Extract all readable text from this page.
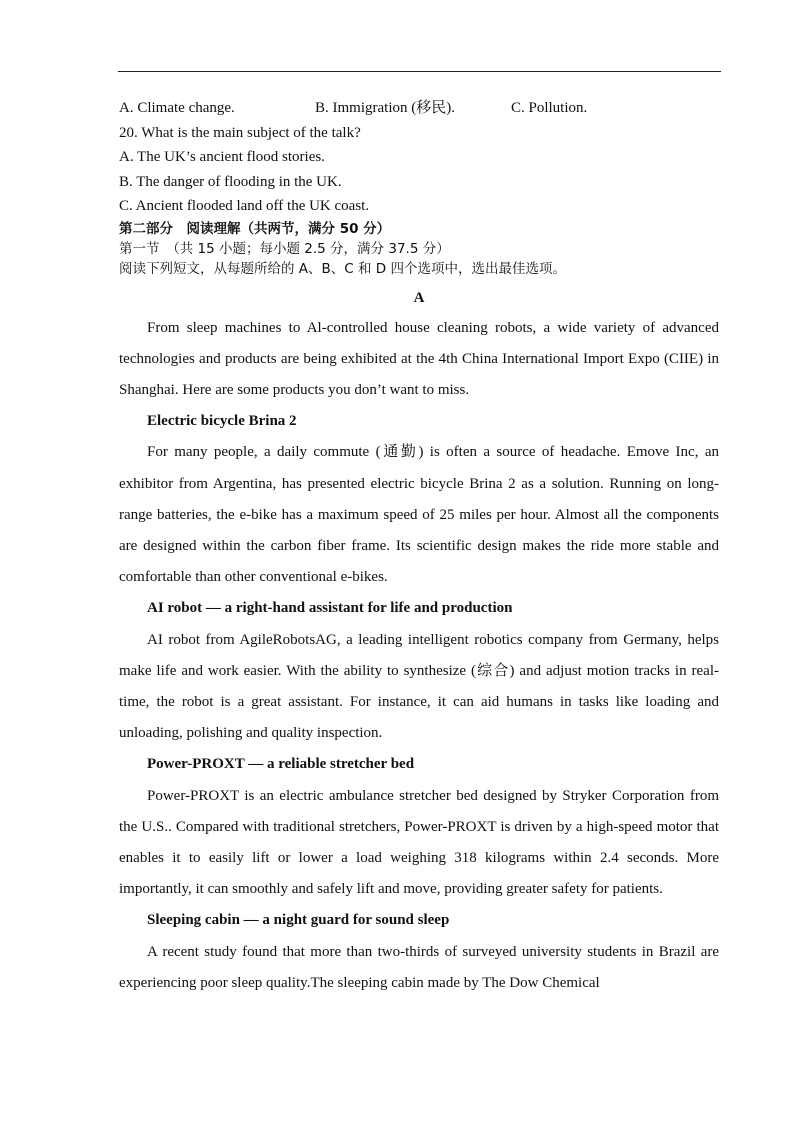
A. Climate change.	B. Immigration (移民).	C. Pollution.
20. What is the main subject of the talk?
A. The UK’s ancient flood stories.
B. The danger of flooding in the UK.
C. Ancient flooded land off the UK coast.
第二部分　阅读理解（共两节，满分 50 分）
第一节　（共 15 小题；每小题 2.5 分，满分 37.5 分）
阅读下列短文，从每题所给的 A、B、C 和 D 四个选项中，选出最佳选项。
A

From sleep machines to Al-controlled house cleaning robots, a wide variety of advanced technologies and products are being exhibited at the 4th China International Import Expo (CIIE) in Shanghai. Here are some products you don’t want to miss.

Electric bicycle Brina 2

For many people, a daily commute (通勤) is often a source of headache. Emove Inc, an exhibitor from Argentina, has presented electric bicycle Brina 2 as a solution. Running on long-range batteries, the e-bike has a maximum speed of 25 miles per hour. Almost all the components are designed within the carbon fiber frame. Its scientific design makes the ride more stable and comfortable than other conventional e-bikes.

AI robot — a right-hand assistant for life and production

AI robot from AgileRobotsAG, a leading intelligent robotics company from Germany, helps make life and work easier. With the ability to synthesize (综合) and adjust motion tracks in real-time, the robot is a great assistant. For instance, it can aid humans in tasks like loading and unloading, polishing and quality inspection.

Power-PROXT — a reliable stretcher bed

Power-PROXT is an electric ambulance stretcher bed designed by Stryker Corporation from the U.S.. Compared with traditional stretchers, Power-PROXT is driven by a high-speed motor that enables it to easily lift or lower a load weighing 318 kilograms within 2.4 seconds. More importantly, it can smoothly and safely lift and move, providing greater safety for patients.

Sleeping cabin — a night guard for sound sleep

A recent study found that more than two-thirds of surveyed university students in Brazil are experiencing poor sleep quality.The sleeping cabin made by The Dow Chemical
